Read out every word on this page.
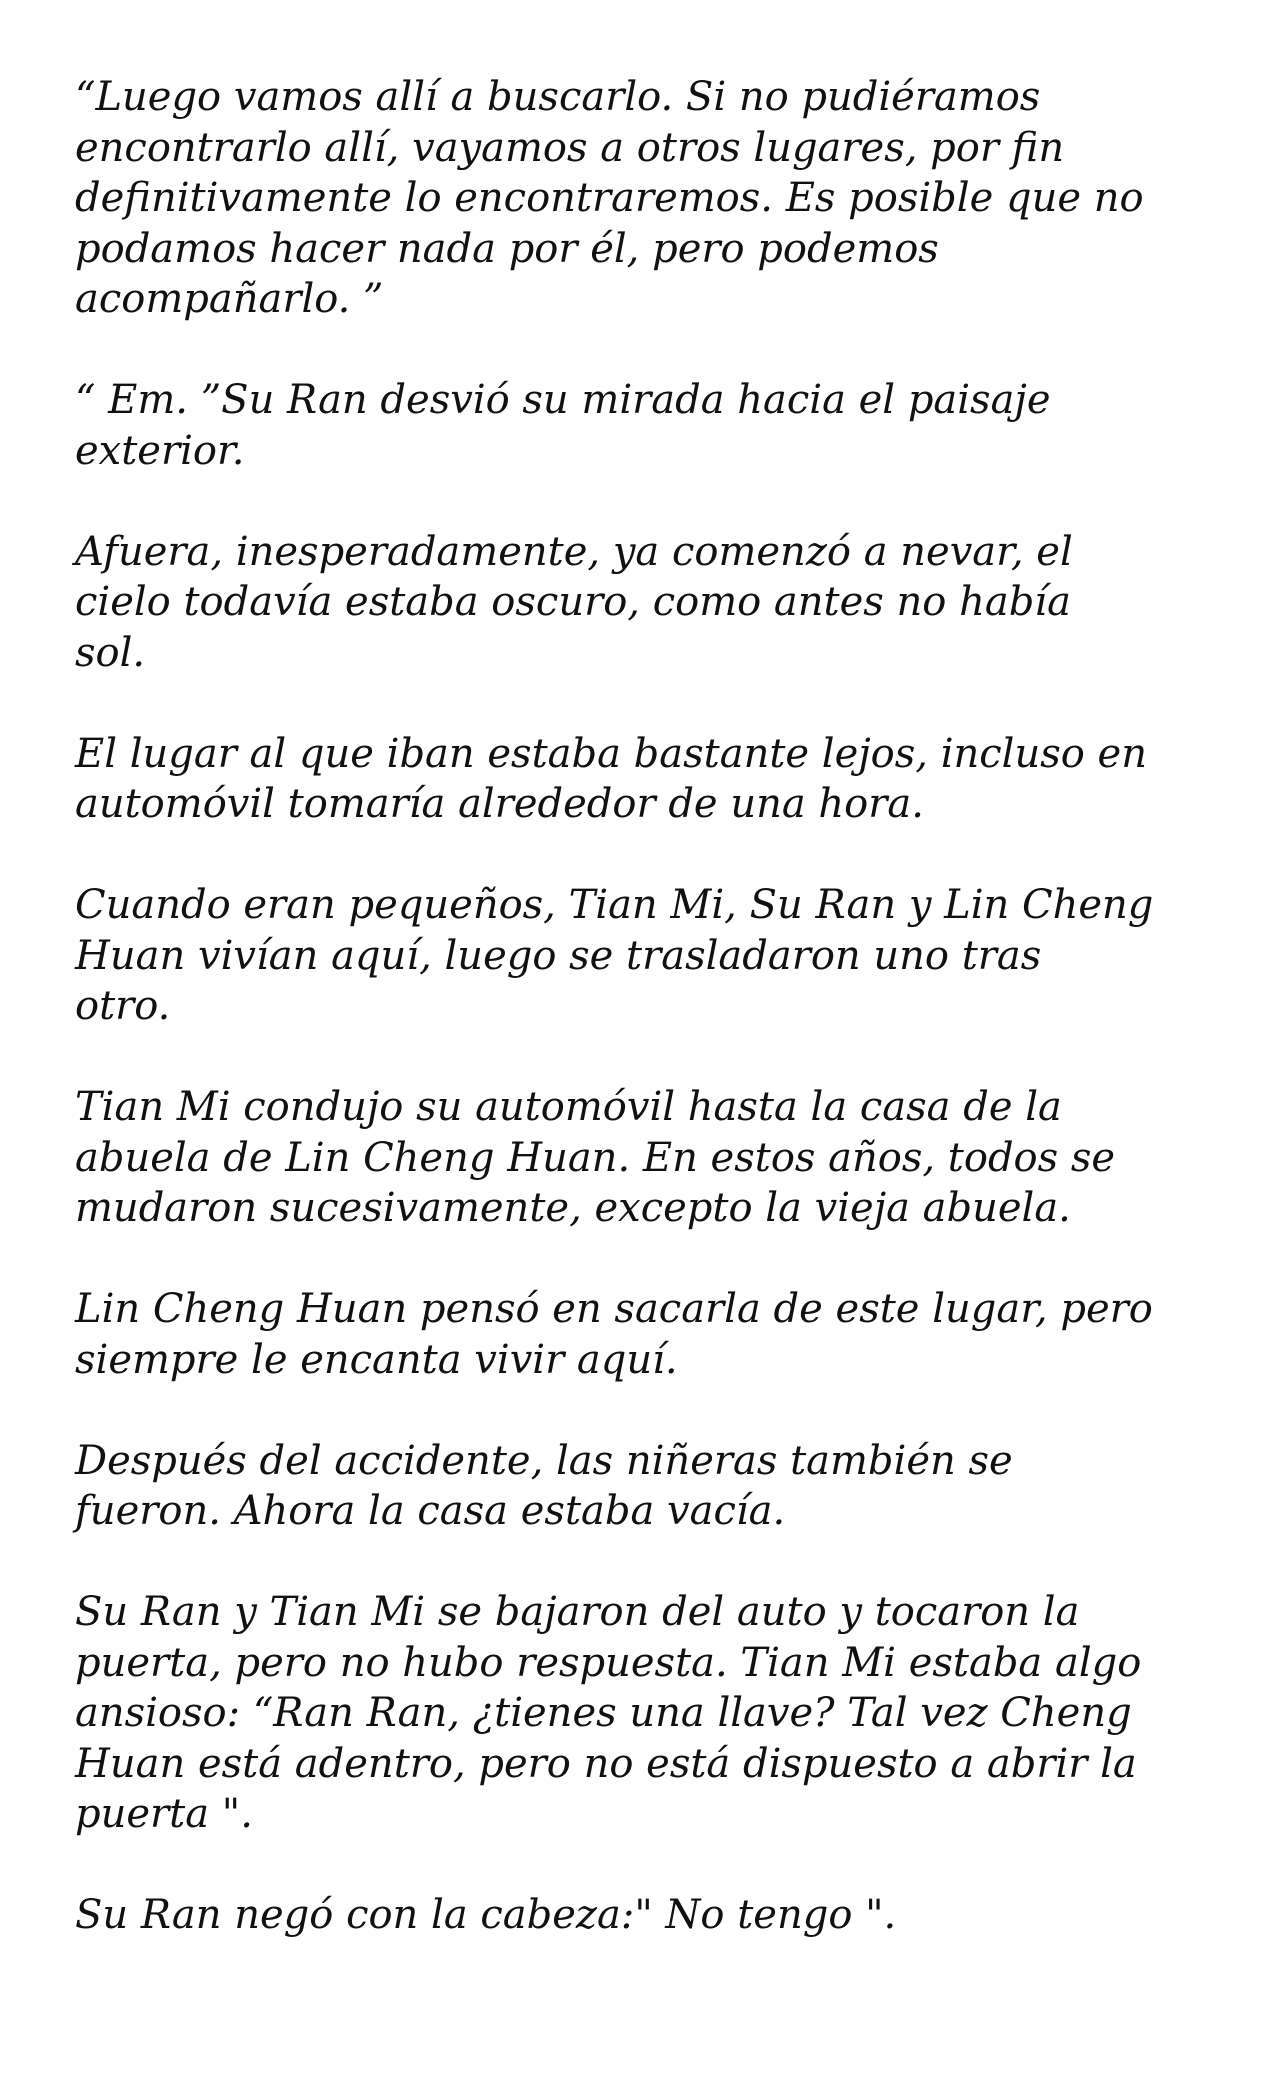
“Luego vamos allí a buscarlo. Si no pudiéramos
encontrarlo allí, vayamos a otros lugares, por fin
definitivamente lo encontraremos. Es posible que no
podamos hacer nada por él, pero podemos
acompañarlo. ”

“ Em. ”Su Ran desvió su mirada hacia el paisaje
exterior.

Afuera, inesperadamente, ya comenzó a nevar, el
cielo todavía estaba oscuro, como antes no había
sol.

El lugar al que iban estaba bastante lejos, incluso en
automóvil tomaría alrededor de una hora.

Cuando eran pequeños, Tian Mi, Su Ran y Lin Cheng
Huan vivían aquí, luego se trasladaron uno tras
otro.

Tian Mi condujo su automóvil hasta la casa de la
abuela de Lin Cheng Huan. En estos años, todos se
mudaron sucesivamente, excepto la vieja abuela.

Lin Cheng Huan pensó en sacarla de este lugar, pero
siempre le encanta vivir aquí.

Después del accidente, las niñeras también se
fueron. Ahora la casa estaba vacía.

Su Ran y Tian Mi se bajaron del auto y tocaron la
puerta, pero no hubo respuesta. Tian Mi estaba algo
ansioso: “Ran Ran, ¿tienes una llave? Tal vez Cheng
Huan está adentro, pero no está dispuesto a abrir la
puerta ".

Su Ran negó con la cabeza:" No tengo ".
